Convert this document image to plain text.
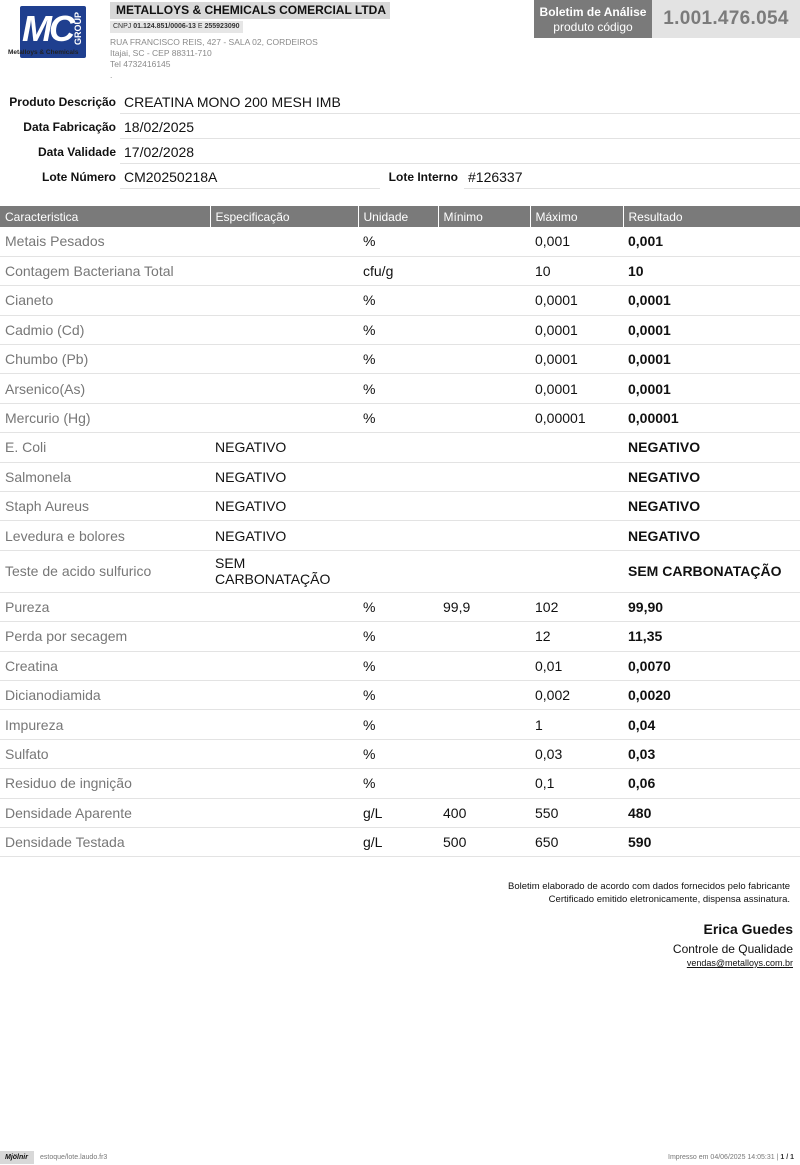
MC GROUP
Metalloys & Chemicals
METALLOYS & CHEMICALS COMERCIAL LTDA
CNPJ 01.124.851/0006-13 E 255923090
RUA FRANCISCO REIS, 427 - SALA 02, CORDEIROS
Itajai, SC - CEP 88311-710
Tel 4732416145
.
Boletim de Análise
produto código	1.001.476.054
Produto Descrição CREATINA MONO 200 MESH IMB
Data Fabricação 18/02/2025
Data Validade 17/02/2028
Lote Número CM20250218A	Lote Interno #126337
Caracteristica	Especificação	Unidade	Mínimo	Máximo	Resultado
Metais Pesados		%		0,001	0,001
Contagem Bacteriana Total		cfu/g		10	10
Cianeto		%		0,0001	0,0001
Cadmio (Cd)		%		0,0001	0,0001
Chumbo (Pb)		%		0,0001	0,0001
Arsenico(As)		%		0,0001	0,0001
Mercurio (Hg)		%		0,00001	0,00001
E. Coli	NEGATIVO				NEGATIVO
Salmonela	NEGATIVO				NEGATIVO
Staph Aureus	NEGATIVO				NEGATIVO
Levedura e bolores	NEGATIVO				NEGATIVO
Teste de acido sulfurico	SEM CARBONATAÇÃO				SEM CARBONATAÇÃO
Pureza		%	99,9	102	99,90
Perda por secagem		%		12	11,35
Creatina		%		0,01	0,0070
Dicianodiamida		%		0,002	0,0020
Impureza		%		1	0,04
Sulfato		%		0,03	0,03
Residuo de ingnição		%		0,1	0,06
Densidade Aparente		g/L	400	550	480
Densidade Testada		g/L	500	650	590
Boletim elaborado de acordo com dados fornecidos pelo fabricante
Certificado emitido eletronicamente, dispensa assinatura.
Erica Guedes
Controle de Qualidade
vendas@metalloys.com.br
Mjölnir	estoque/lote.laudo.fr3	Impresso em 04/06/2025 14:05:31 | 1 / 1
